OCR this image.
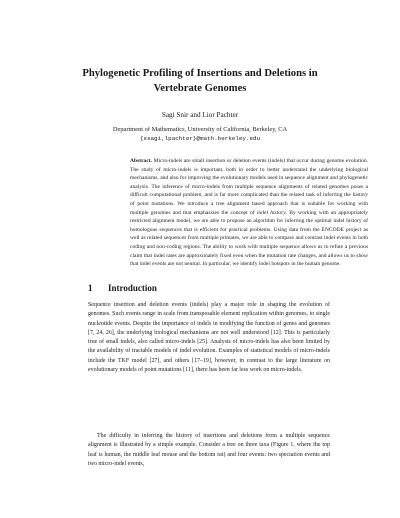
Phylogenetic Profiling of Insertions and Deletions in Vertebrate Genomes
Sagi Snir and Lior Pachter
Department of Mathematics, University of California, Berkeley, CA
{ssagi,lpachter}@math.berkeley.edu
Abstract. Micro-indels are small insertion or deletion events (indels) that occur during genome evolution. The study of micro-indels is important, both in order to better understand the underlying biological mechanisms, and also for improving the evolutionary models used in sequence alignment and phylogenetic analysis. The inference of micro-indels from multiple sequence alignments of related genomes poses a difficult computational problem, and is far more complicated than the related task of inferring the history of point mutations. We introduce a tree alignment based approach that is suitable for working with multiple genomes and that emphasizes the concept of indel history. By working with an appropriately restricted alignment model, we are able to propose an algorithm for inferring the optimal indel history of homologous sequences that is efficient for practical problems. Using data from the ENCODE project as well as related sequences from multiple primates, we are able to compare and contrast indel events in both coding and non-coding regions. The ability to work with multiple sequence allows us to refute a previous claim that indel rates are approximately fixed even when the mutation rate changes, and allows us to show that indel events are not neutral. In particular, we identify indel hotspots in the human genome.
1 Introduction

Sequence insertion and deletion events (indels) play a major role in shaping the evolution of genomes. Such events range in scale from transposable element replication within genomes, to single nucleotide events. Despite the importance of indels in modifying the function of genes and genomes [7, 24, 26], the underlying biological mechanisms are not well understood [12]. This is particularly true of small indels, also called micro-indels [25]. Analysis of micro-indels has also been limited by the availability of tractable models of indel evolution. Examples of statistical models of micro-indels include the TKF model [27], and others [17–19], however, in contrast to the large literature on evolutionary models of point mutations [11], there has been far less work on micro-indels.

The difficulty in inferring the history of insertions and deletions from a multiple sequence alignment is illustrated by a simple example. Consider a tree on three taxa (Figure 1, where the top leaf is human, the middle leaf mouse and the bottom rat) and four events: two speciation events and two micro-indel events,
